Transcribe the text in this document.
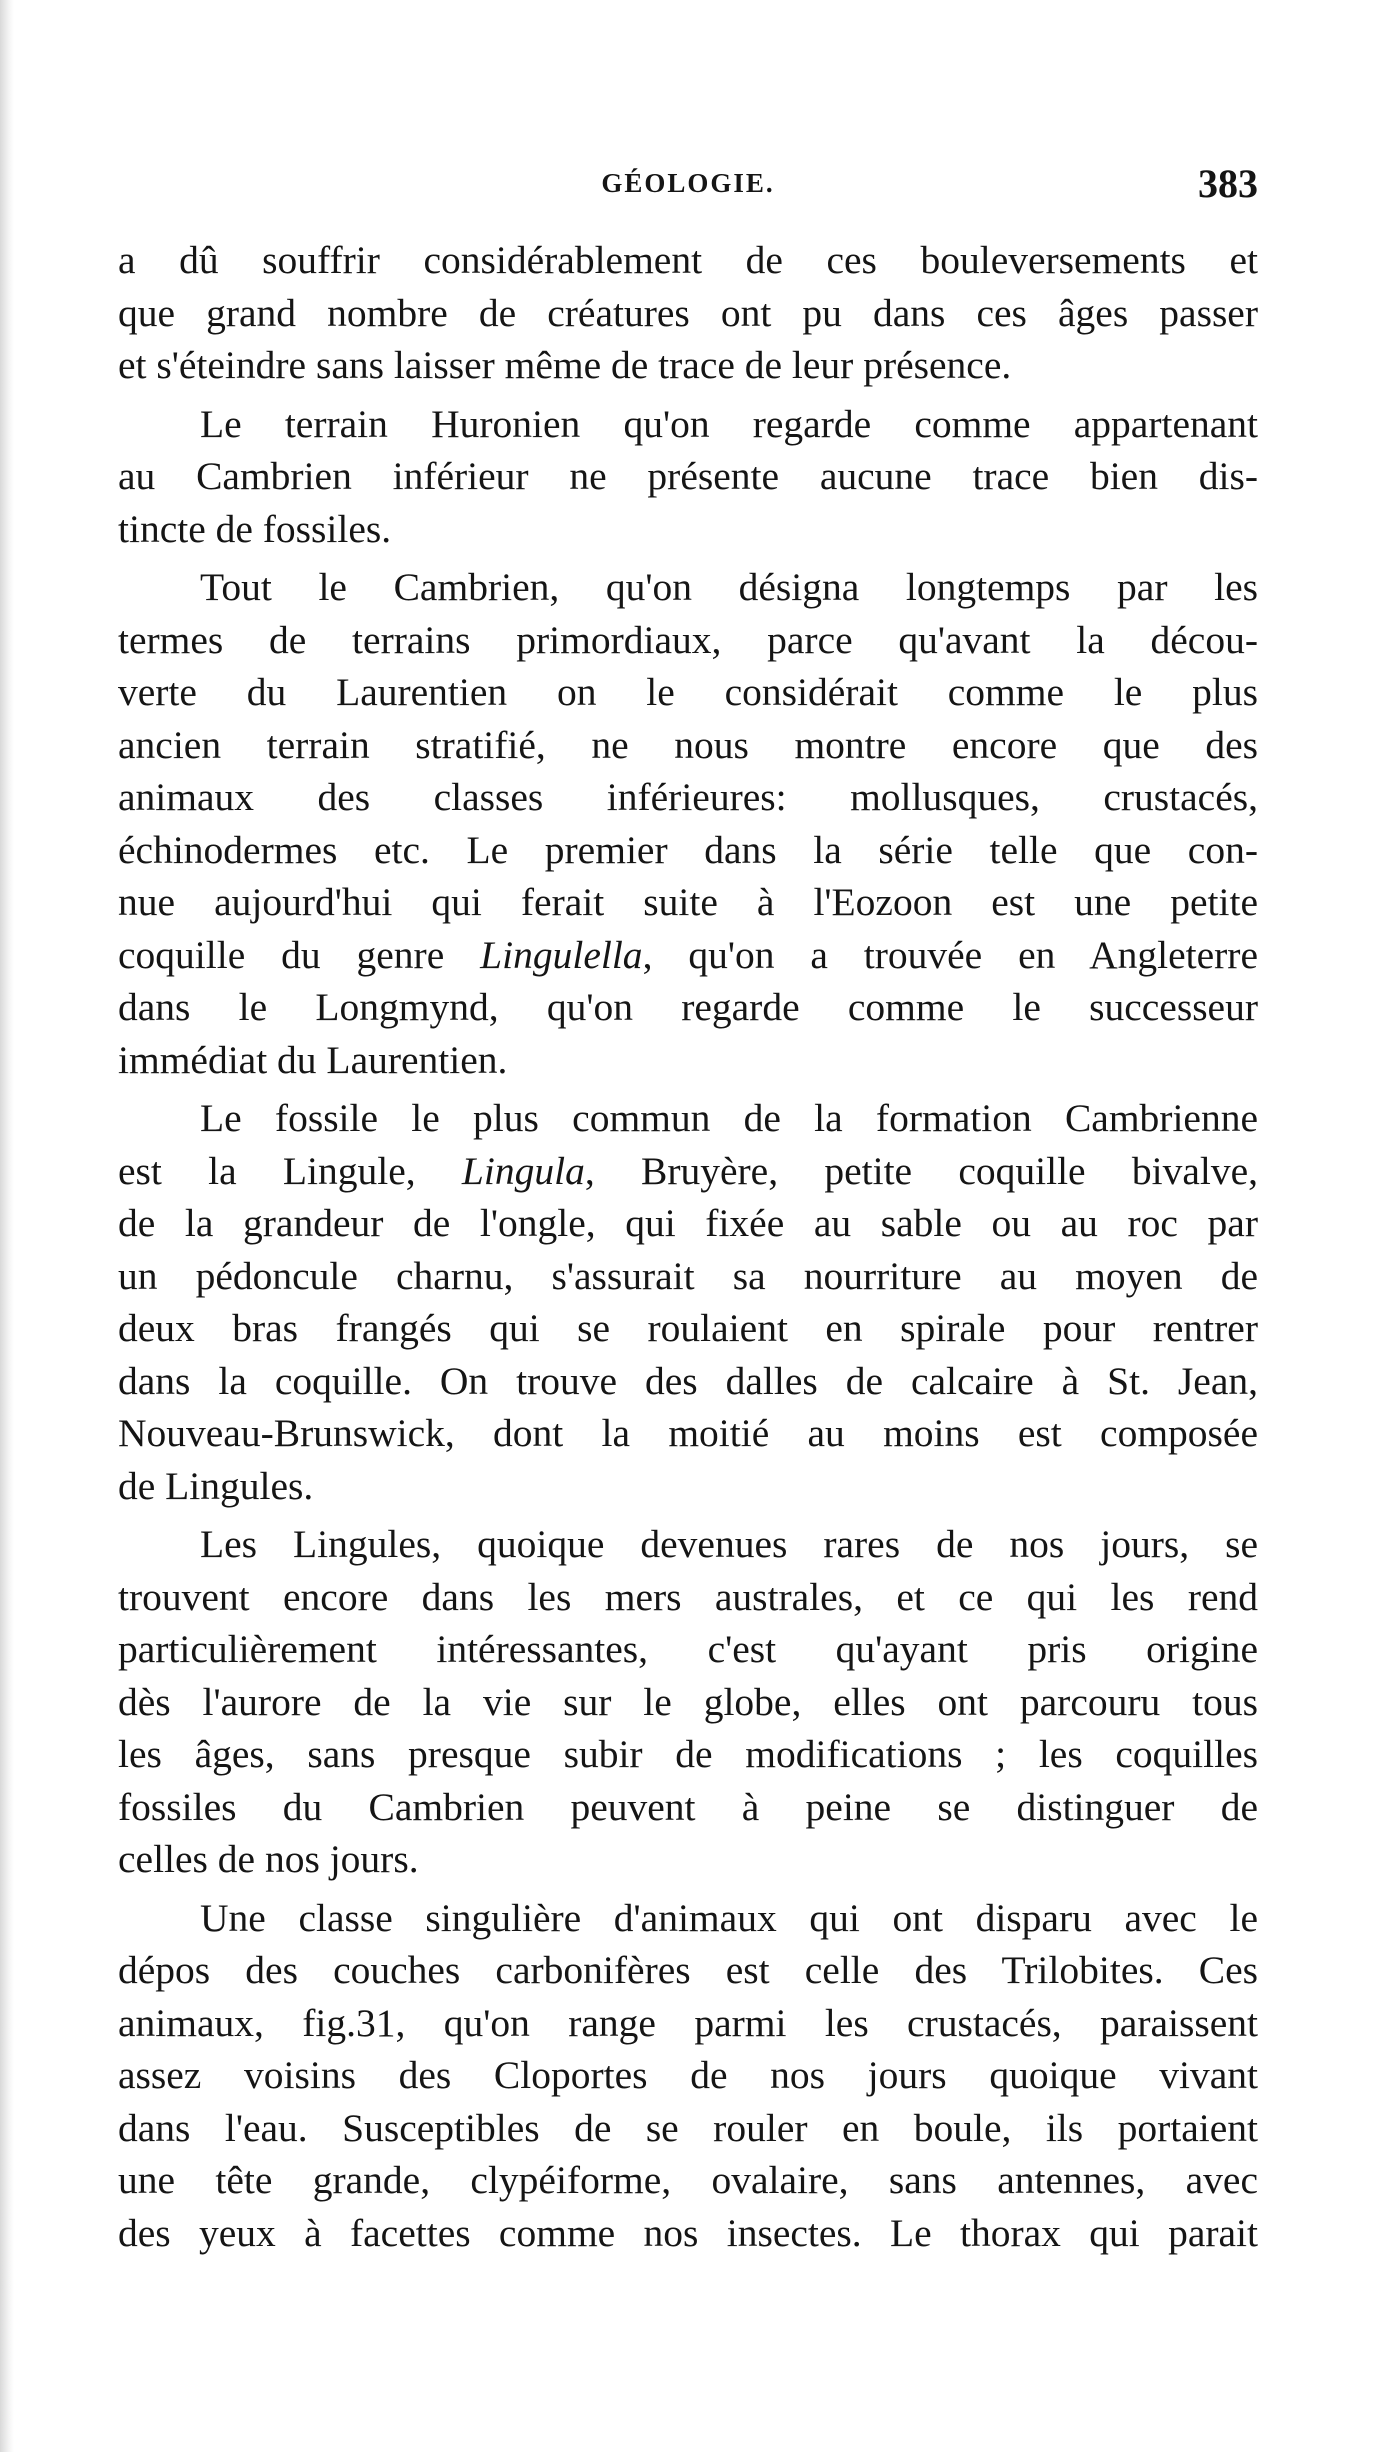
GÉOLOGIE.	383

a dû souffrir considérablement de ces bouleversements et
que grand nombre de créatures ont pu dans ces âges passer
et s'éteindre sans laisser même de trace de leur présence.

Le terrain Huronien qu'on regarde comme appartenant
au Cambrien inférieur ne présente aucune trace bien dis-
tincte de fossiles.

Tout le Cambrien, qu'on désigna longtemps par les
termes de terrains primordiaux, parce qu'avant la décou-
verte du Laurentien on le considérait comme le plus
ancien terrain stratifié, ne nous montre encore que des
animaux des classes inférieures: mollusques, crustacés,
échinodermes etc. Le premier dans la série telle que con-
nue aujourd'hui qui ferait suite à l'Eozoon est une petite
coquille du genre Lingulella, qu'on a trouvée en Angleterre
dans le Longmynd, qu'on regarde comme le successeur
immédiat du Laurentien.

Le fossile le plus commun de la formation Cambrienne
est la Lingule, Lingula, Bruyère, petite coquille bivalve,
de la grandeur de l'ongle, qui fixée au sable ou au roc par
un pédoncule charnu, s'assurait sa nourriture au moyen de
deux bras frangés qui se roulaient en spirale pour rentrer
dans la coquille. On trouve des dalles de calcaire à St. Jean,
Nouveau-Brunswick, dont la moitié au moins est composée
de Lingules.

Les Lingules, quoique devenues rares de nos jours, se
trouvent encore dans les mers australes, et ce qui les rend
particulièrement intéressantes, c'est qu'ayant pris origine
dès l'aurore de la vie sur le globe, elles ont parcouru tous
les âges, sans presque subir de modifications ; les coquilles
fossiles du Cambrien peuvent à peine se distinguer de
celles de nos jours.

Une classe singulière d'animaux qui ont disparu avec le
dépos des couches carbonifères est celle des Trilobites. Ces
animaux, fig.31, qu'on range parmi les crustacés, paraissent
assez voisins des Cloportes de nos jours quoique vivant
dans l'eau. Susceptibles de se rouler en boule, ils portaient
une tête grande, clypéiforme, ovalaire, sans antennes, avec
des yeux à facettes comme nos insectes. Le thorax qui parait
